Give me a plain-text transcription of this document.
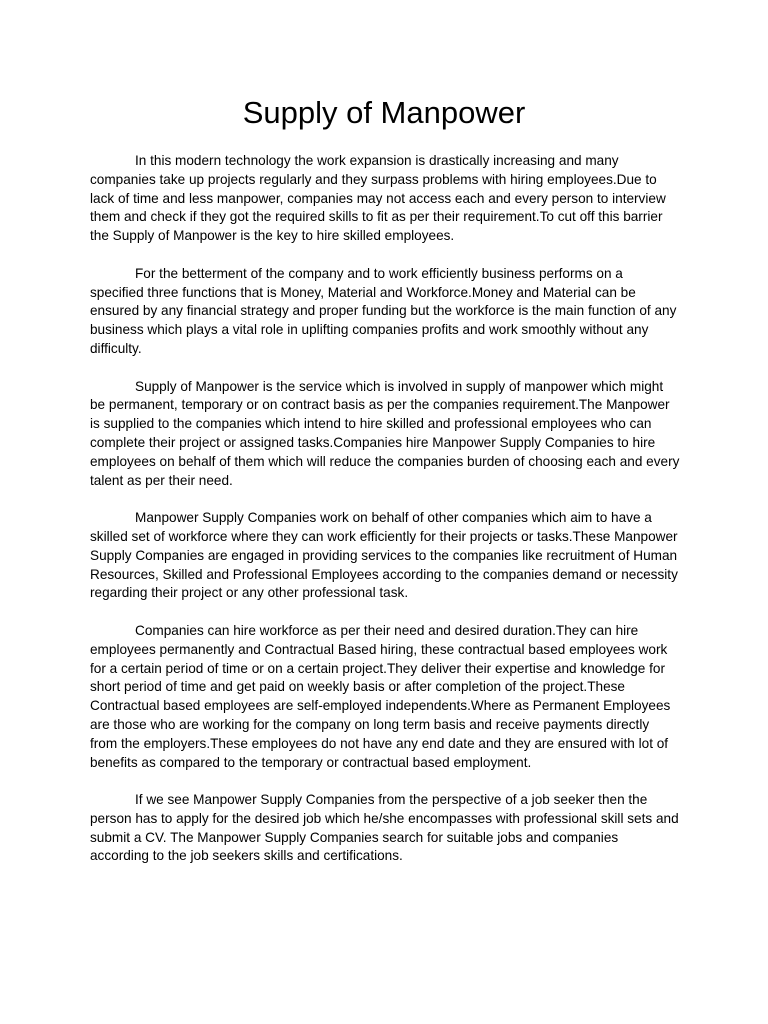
Supply of Manpower

In this modern technology the work expansion is drastically increasing and many companies take up projects regularly and they surpass problems with hiring employees.Due to lack of time and less manpower, companies may not access each and every person to interview them and check if they got the required skills to fit as per their requirement.To cut off this barrier the Supply of Manpower is the key to hire skilled employees.

For the betterment of the company and to work efficiently business performs on a specified three functions that is Money, Material and Workforce.Money and Material can be ensured by any financial strategy and proper funding but the workforce is the main function of any business which plays a vital role in uplifting companies profits and work smoothly without any difficulty.

Supply of Manpower is the service which is involved in supply of manpower which might be permanent, temporary or on contract basis as per the companies requirement.The Manpower is supplied to the companies which intend to hire skilled and professional employees who can complete their project or assigned tasks.Companies hire Manpower Supply Companies to hire employees on behalf of them which will reduce the companies burden of choosing each and every talent as per their need.

Manpower Supply Companies work on behalf of other companies which aim to have a skilled set of workforce where they can work efficiently for their projects or tasks.These Manpower Supply Companies are engaged in providing services to the companies like recruitment of Human Resources, Skilled and Professional Employees according to the companies demand or necessity regarding their project or any other professional task.

Companies can hire workforce as per their need and desired duration.They can hire employees permanently and Contractual Based hiring, these contractual based employees work for a certain period of time or on a certain project.They deliver their expertise and knowledge for short period of time and get paid on weekly basis or after completion of the project.These Contractual based employees are self-employed independents.Where as Permanent Employees are those who are working for the company on long term basis and receive payments directly from the employers.These employees do not have any end date and they are ensured with lot of benefits as compared to the temporary or contractual based employment.

If we see Manpower Supply Companies from the perspective of a job seeker then the person has to apply for the desired job which he/she encompasses with professional skill sets and submit a CV. The Manpower Supply Companies search for suitable jobs and companies according to the job seekers skills and certifications.
